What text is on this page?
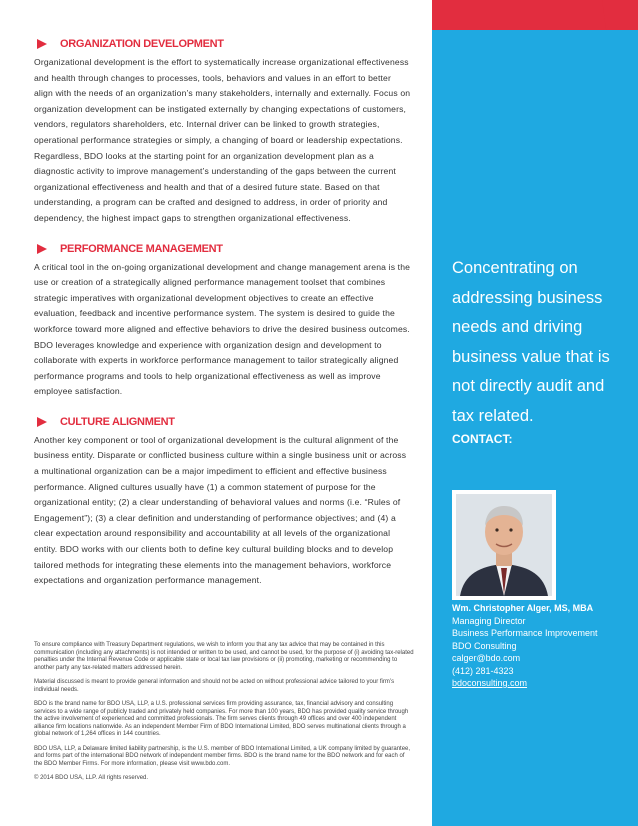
ORGANIZATION DEVELOPMENT
Organizational development is the effort to systematically increase organizational effectiveness and health through changes to processes, tools, behaviors and values in an effort to better align with the needs of an organization’s many stakeholders, internally and externally. Focus on organization development can be instigated externally by changing expectations of customers, vendors, regulators shareholders, etc. Internal driver can be linked to growth strategies, operational performance strategies or simply, a changing of board or leadership expectations. Regardless, BDO looks at the starting point for an organization development plan as a diagnostic activity to improve management’s understanding of the gaps between the current organizational effectiveness and health and that of a desired future state. Based on that understanding, a program can be crafted and designed to address, in order of priority and dependency, the highest impact gaps to strengthen organizational effectiveness.
PERFORMANCE MANAGEMENT
A critical tool in the on-going organizational development and change management arena is the use or creation of a strategically aligned performance management toolset that combines strategic imperatives with organizational development objectives to create an effective evaluation, feedback and incentive performance system. The system is desired to guide the workforce toward more aligned and effective behaviors to drive the desired business outcomes. BDO leverages knowledge and experience with organization design and development to collaborate with experts in workforce performance management to tailor strategically aligned performance programs and tools to help organizational effectiveness as well as improve employee satisfaction.
CULTURE ALIGNMENT
Another key component or tool of organizational development is the cultural alignment of the business entity. Disparate or conflicted business culture within a single business unit or across a multinational organization can be a major impediment to efficient and effective business performance. Aligned cultures usually have (1) a common statement of purpose for the organizational entity; (2) a clear understanding of behavioral values and norms (i.e. “Rules of Engagement”); (3) a clear definition and understanding of performance objectives; and (4) a clear expectation around responsibility and accountability at all levels of the organizational entity. BDO works with our clients both to define key cultural building blocks and to develop tailored methods for integrating these elements into the management behaviors, workforce expectations and organization performance management.

To ensure compliance with Treasury Department regulations, we wish to inform you that any tax advice that may be contained in this communication (including any attachments) is not intended or written to be used, and cannot be used, for the purpose of (i) avoiding tax-related penalties under the Internal Revenue Code or applicable state or local tax law provisions or (ii) promoting, marketing or recommending to another party any tax-related matters addressed herein.

Material discussed is meant to provide general information and should not be acted on without professional advice tailored to your firm’s individual needs.

BDO is the brand name for BDO USA, LLP, a U.S. professional services firm providing assurance, tax, financial advisory and consulting services to a wide range of publicly traded and privately held companies. For more than 100 years, BDO has provided quality service through the active involvement of experienced and committed professionals. The firm serves clients through 49 offices and over 400 independent alliance firm locations nationwide. As an independent Member Firm of BDO International Limited, BDO serves multinational clients through a global network of 1,264 offices in 144 countries.

BDO USA, LLP, a Delaware limited liability partnership, is the U.S. member of BDO International Limited, a UK company limited by guarantee, and forms part of the international BDO network of independent member firms. BDO is the brand name for the BDO network and for each of the BDO Member Firms. For more information, please visit www.bdo.com.

© 2014 BDO USA, LLP. All rights reserved.

Concentrating on addressing business needs and driving business value that is not directly audit and tax related.
CONTACT:
Wm. Christopher Alger, MS, MBA
Managing Director
Business Performance Improvement
BDO Consulting
calger@bdo.com
(412) 281-4323
bdoconsulting.com
